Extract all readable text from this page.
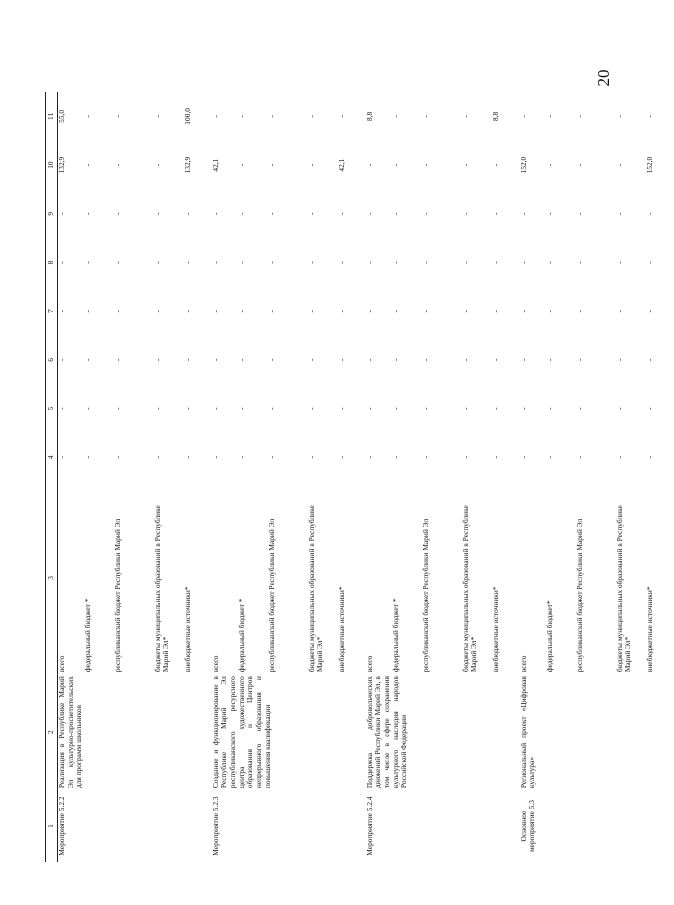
20
1	2	3	4	5	6	7	8	9	10	11
Мероприятие 5.2.2	Реализация в Республике Марий Эл культурно-просветительских для программ школьников	всего	-	-	-	-	-	-	132,9	55,0
		федеральный бюджет *	-	-	-	-	-	-	-	-
		республиканский бюджет Республики Марий Эл	-	-	-	-	-	-	-	-
		бюджеты муниципальных образований в Республике Марий Эл*	-	-	-	-	-	-	-	-
		внебюджетные источники*	-	-	-	-	-	-	132,9	100,0

Мероприятие 5.2.3	Создание и функционирование в Республике Марий Эл республиканского ресурсного центра художественного образования и Центров непрерывного образования и повышения квалификации	всего	-	-	-	-	-	-	42,1	-
		федеральный бюджет *	-	-	-	-	-	-	-	-
		республиканский бюджет Республики Марий Эл	-	-	-	-	-	-	-	-
		бюджеты муниципальных образований в Республике Марий Эл*	-	-	-	-	-	-	-	-
		внебюджетные источники*	-	-	-	-	-	-	42,1	-

Мероприятие 5.2.4	Поддержка добровольческих движений Республики Марий Эл, в том числе в сфере сохранения культурного наследия народов Российской Федерации	всего	-	-	-	-	-	-	-	8,8
		федеральный бюджет *	-	-	-	-	-	-	-	-
		республиканский бюджет Республики Марий Эл	-	-	-	-	-	-	-	-
		бюджеты муниципальных образований в Республике Марий Эл*	-	-	-	-	-	-	-	-
		внебюджетные источники*	-	-	-	-	-	-	-	8,8

Основное мероприятие 5.3	Региональный проект «Цифровая культура»	всего	-	-	-	-	-	-	152,0	-
		федеральный бюджет*	-	-	-	-	-	-	-	-
		республиканский бюджет Республики Марий Эл	-	-	-	-	-	-	-	-
		бюджеты муниципальных образований в Республике Марий Эл*	-	-	-	-	-	-	-	-
		внебюджетные источники*	-	-	-	-	-	-	152,0	-
